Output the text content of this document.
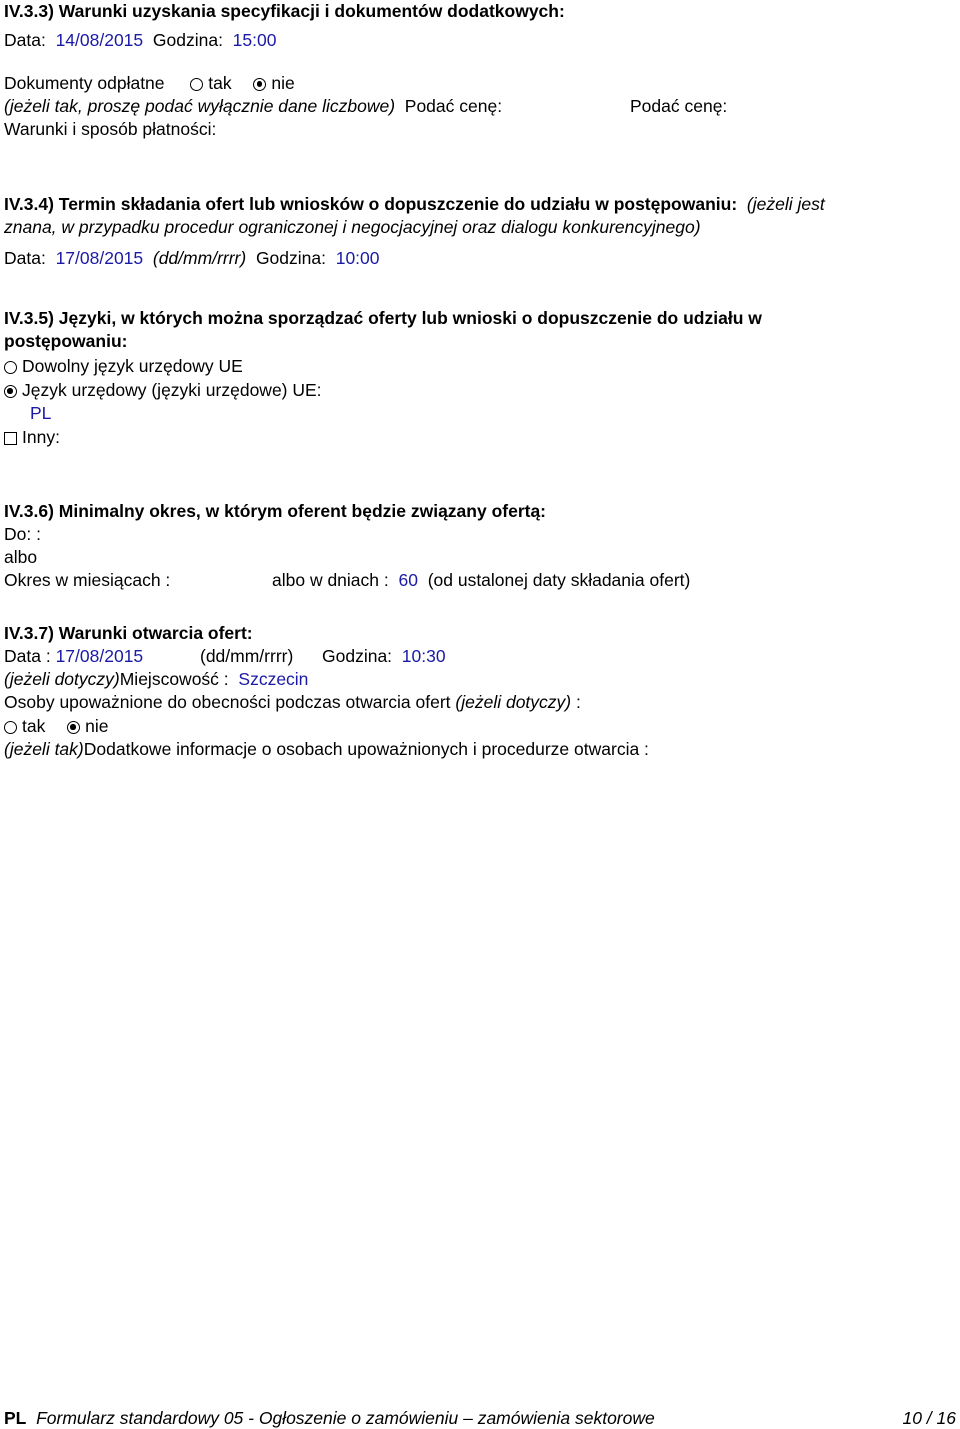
IV.3.3) Warunki uzyskania specyfikacji i dokumentów dodatkowych:
Data: 14/08/2015 Godzina: 15:00
Dokumenty odpłatne	tak nie
(jeżeli tak, proszę podać wyłącznie dane liczbowe) Podać cenę:	Podać cenę:
Warunki i sposób płatności:
IV.3.4) Termin składania ofert lub wniosków o dopuszczenie do udziału w postępowaniu: (jeżeli jest
znana, w przypadku procedur ograniczonej i negocjacyjnej oraz dialogu konkurencyjnego)
Data: 17/08/2015 (dd/mm/rrrr) Godzina: 10:00
IV.3.5) Języki, w których można sporządzać oferty lub wnioski o dopuszczenie do udziału w
postępowaniu:
Dowolny język urzędowy UE
Język urzędowy (języki urzędowe) UE:
PL
Inny:
IV.3.6) Minimalny okres, w którym oferent będzie związany ofertą:
Do: :
albo
Okres w miesiącach :	albo w dniach : 60 (od ustalonej daty składania ofert)
IV.3.7) Warunki otwarcia ofert:
Data : 17/08/2015	(dd/mm/rrrr) Godzina: 10:30
(jeżeli dotyczy)Miejscowość : Szczecin
Osoby upoważnione do obecności podczas otwarcia ofert (jeżeli dotyczy) :
tak nie
(jeżeli tak)Dodatkowe informacje o osobach upoważnionych i procedurze otwarcia :
PL Formularz standardowy 05 - Ogłoszenie o zamówieniu – zamówienia sektorowe	10 / 16
